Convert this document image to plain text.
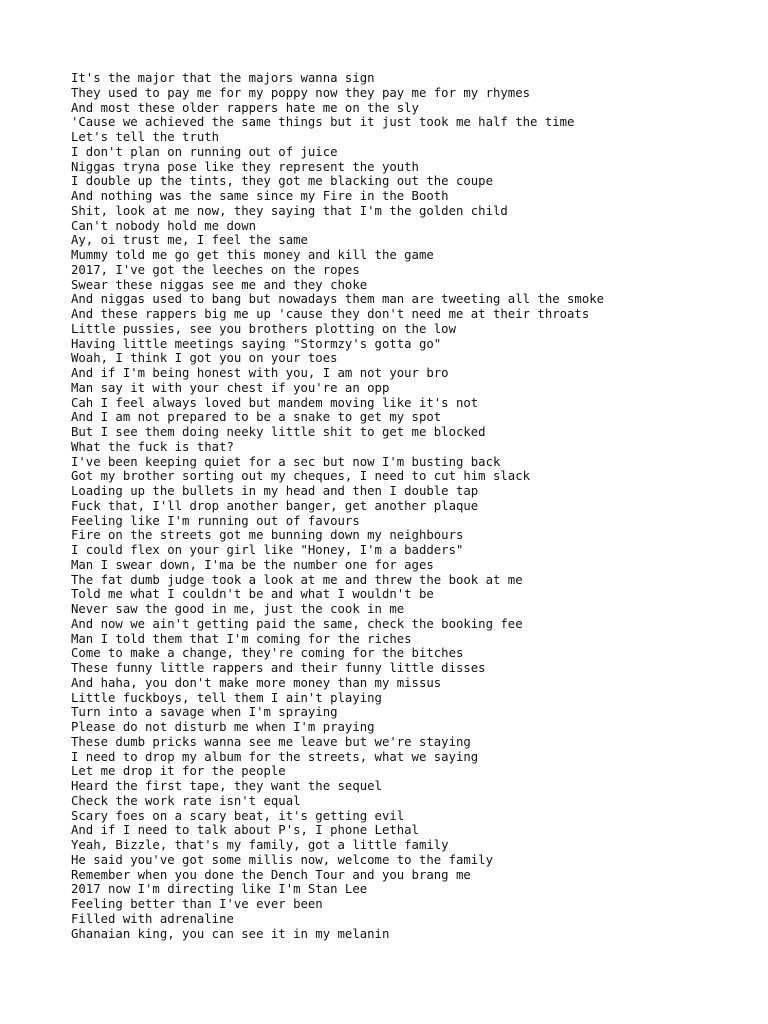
It's the major that the majors wanna sign
They used to pay me for my poppy now they pay me for my rhymes
And most these older rappers hate me on the sly
'Cause we achieved the same things but it just took me half the time
Let's tell the truth
I don't plan on running out of juice
Niggas tryna pose like they represent the youth
I double up the tints, they got me blacking out the coupe
And nothing was the same since my Fire in the Booth
Shit, look at me now, they saying that I'm the golden child
Can't nobody hold me down
Ay, oi trust me, I feel the same
Mummy told me go get this money and kill the game
2017, I've got the leeches on the ropes
Swear these niggas see me and they choke
And niggas used to bang but nowadays them man are tweeting all the smoke
And these rappers big me up 'cause they don't need me at their throats
Little pussies, see you brothers plotting on the low
Having little meetings saying "Stormzy's gotta go"
Woah, I think I got you on your toes
And if I'm being honest with you, I am not your bro
Man say it with your chest if you're an opp
Cah I feel always loved but mandem moving like it's not
And I am not prepared to be a snake to get my spot
But I see them doing neeky little shit to get me blocked
What the fuck is that?
I've been keeping quiet for a sec but now I'm busting back
Got my brother sorting out my cheques, I need to cut him slack
Loading up the bullets in my head and then I double tap
Fuck that, I'll drop another banger, get another plaque
Feeling like I'm running out of favours
Fire on the streets got me bunning down my neighbours
I could flex on your girl like "Honey, I'm a badders"
Man I swear down, I'ma be the number one for ages
The fat dumb judge took a look at me and threw the book at me
Told me what I couldn't be and what I wouldn't be
Never saw the good in me, just the cook in me
And now we ain't getting paid the same, check the booking fee
Man I told them that I'm coming for the riches
Come to make a change, they're coming for the bitches
These funny little rappers and their funny little disses
And haha, you don't make more money than my missus
Little fuckboys, tell them I ain't playing
Turn into a savage when I'm spraying
Please do not disturb me when I'm praying
These dumb pricks wanna see me leave but we're staying
I need to drop my album for the streets, what we saying
Let me drop it for the people
Heard the first tape, they want the sequel
Check the work rate isn't equal
Scary foes on a scary beat, it's getting evil
And if I need to talk about P's, I phone Lethal
Yeah, Bizzle, that's my family, got a little family
He said you've got some millis now, welcome to the family
Remember when you done the Dench Tour and you brang me
2017 now I'm directing like I'm Stan Lee
Feeling better than I've ever been
Filled with adrenaline
Ghanaian king, you can see it in my melanin
